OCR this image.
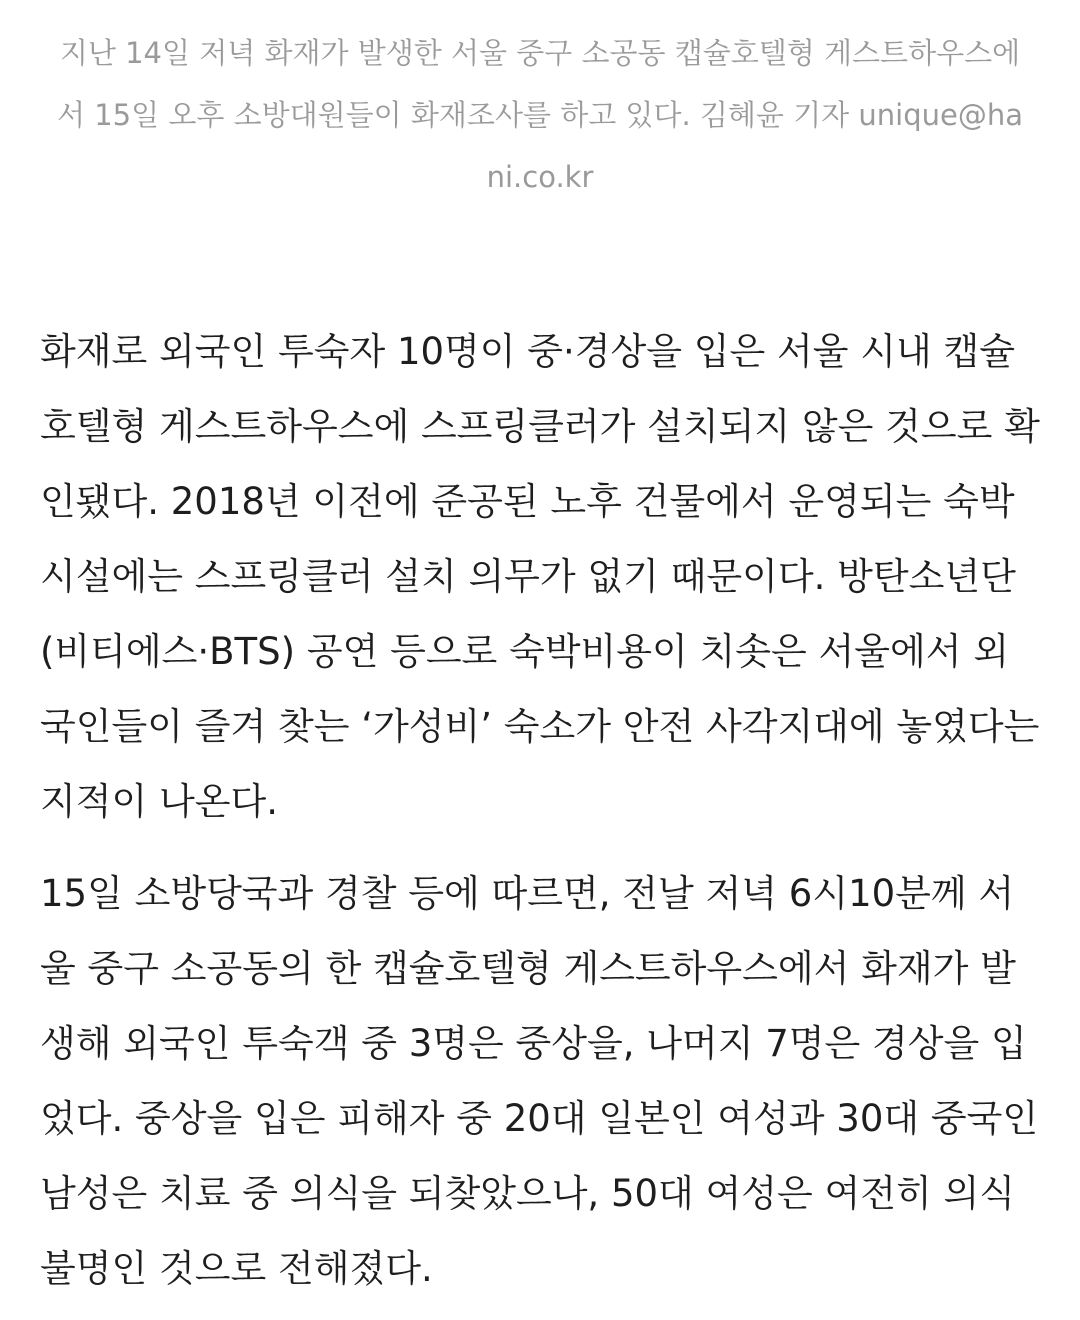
지난 14일 저녁 화재가 발생한 서울 중구 소공동 캡슐호텔형 게스트하우스에서 15일 오후 소방대원들이 화재조사를 하고 있다. 김혜윤 기자 unique@hani.co.kr

화재로 외국인 투숙자 10명이 중·경상을 입은 서울 시내 캡슐호텔형 게스트하우스에 스프링클러가 설치되지 않은 것으로 확인됐다. 2018년 이전에 준공된 노후 건물에서 운영되는 숙박시설에는 스프링클러 설치 의무가 없기 때문이다. 방탄소년단(비티에스·BTS) 공연 등으로 숙박비용이 치솟은 서울에서 외국인들이 즐겨 찾는 ‘가성비’ 숙소가 안전 사각지대에 놓였다는 지적이 나온다.

15일 소방당국과 경찰 등에 따르면, 전날 저녁 6시10분께 서울 중구 소공동의 한 캡슐호텔형 게스트하우스에서 화재가 발생해 외국인 투숙객 중 3명은 중상을, 나머지 7명은 경상을 입었다. 중상을 입은 피해자 중 20대 일본인 여성과 30대 중국인 남성은 치료 중 의식을 되찾았으나, 50대 여성은 여전히 의식 불명인 것으로 전해졌다.
